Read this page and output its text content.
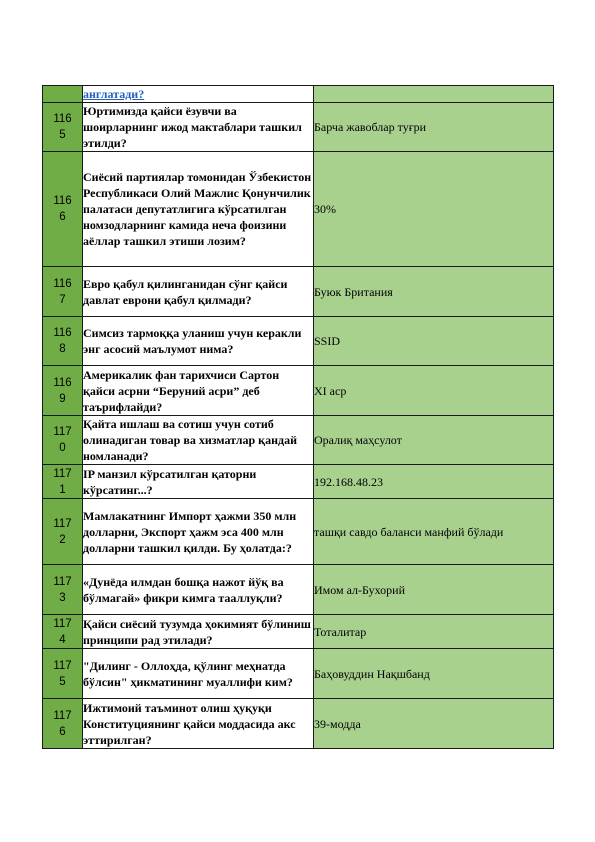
	англатади?	
1165	Юртимизда қайси ёзувчи ва шоирларнинг ижод мактаблари ташкил этилди?	Барча жавоблар туғри
1166	Сиёсий партиялар томонидан Ўзбекистон Республикаси Олий Мажлис Қонунчилик палатаси депутатлигига кўрсатилган номзодларнинг камида неча фоизини аёллар ташкил этиши лозим?	30%
1167	Евро қабул қилинганидан сўнг қайси давлат еврони қабул қилмади?	Буюк Британия
1168	Симсиз тармоққа уланиш учун керакли энг асосий маълумот нима?	SSID
1169	Америкалик фан тарихчиси Сартон қайси асрни “Беруний асри” деб таърифлайди?	XI аср
1170	Қайта ишлаш ва сотиш учун сотиб олинадиган товар ва хизматлар қандай номланади?	Оралиқ маҳсулот
1171	IP манзил кўрсатилган қаторни кўрсатинг...?	192.168.48.23
1172	Мамлакатнинг Импорт ҳажми 350 млн долларни, Экспорт ҳажм эса 400 млн долларни ташкил қилди. Бу ҳолатда:?	ташқи савдо баланси манфий бўлади
1173	«Дунёда илмдан бошқа нажот йўқ ва бўлмагай» фикри кимга тааллуқли?	Имом ал-Бухорий
1174	Қайси сиёсий тузумда ҳокимият бўлиниш принципи рад этилади?	Тоталитар
1175	"Дилинг - Оллоҳда, қўлинг меҳнатда бўлсин" ҳикматининг муаллифи ким?	Баҳовуддин Нақшбанд
1176	Ижтимоий таъминот олиш ҳуқуқи Конституциянинг қайси моддасида акс эттирилган?	39-модда
